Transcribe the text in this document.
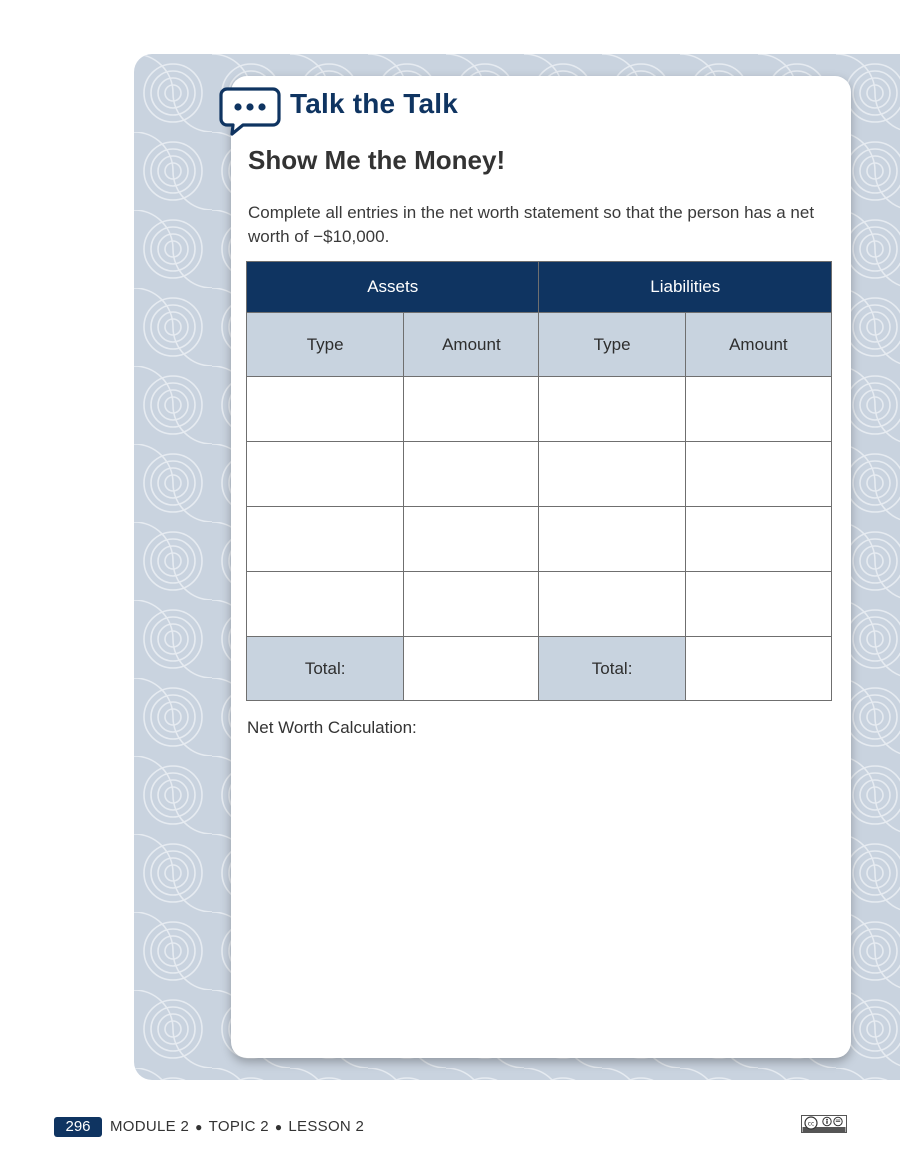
Talk the Talk
Show Me the Money!

Complete all entries in the net worth statement so that the person has a net worth of −$10,000.

Assets		Liabilities	
Type	Amount	Type	Amount

Total:		Total:	

Net Worth Calculation:

296	MODULE 2 ● TOPIC 2 ● LESSON 2	cc
